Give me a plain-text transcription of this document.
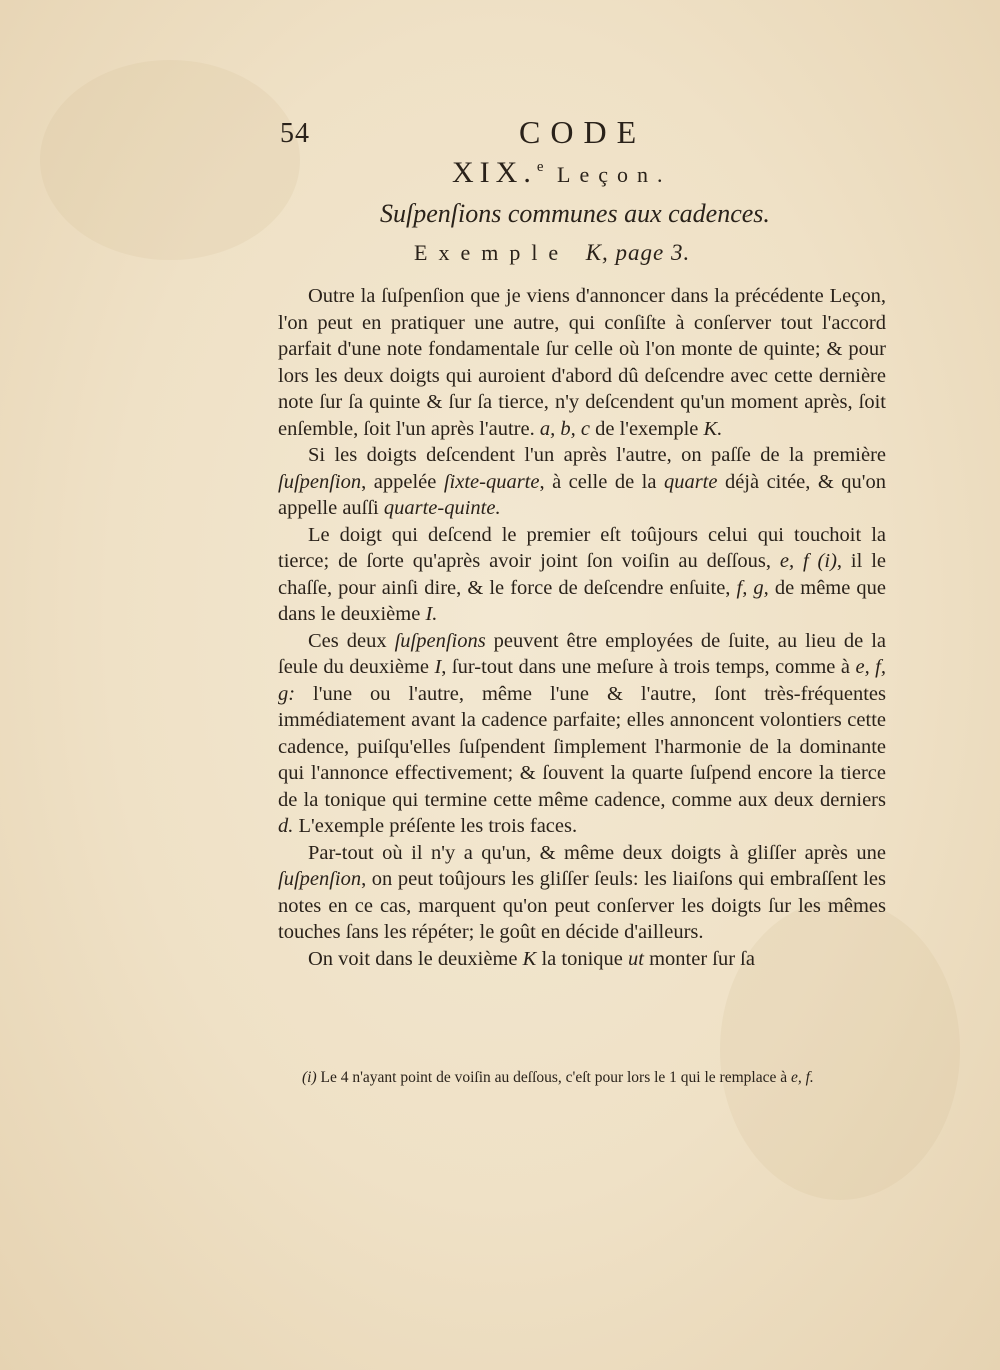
54	CODE
XIX.$^e$ Leçon.
Suſpenſions communes aux cadences.
Exemple K, page 3.

Outre la ſuſpenſion que je viens d'annoncer dans la précédente Leçon, l'on peut en pratiquer une autre, qui conſiſte à conſerver tout l'accord parfait d'une note fondamentale ſur celle où l'on monte de quinte; & pour lors les deux doigts qui auroient d'abord dû deſcendre avec cette dernière note ſur ſa quinte & ſur ſa tierce, n'y deſcendent qu'un moment après, ſoit enſemble, ſoit l'un après l'autre. a, b, c de l'exemple K.

Si les doigts deſcendent l'un après l'autre, on paſſe de la première ſuſpenſion, appelée ſixte-quarte, à celle de la quarte déjà citée, & qu'on appelle auſſi quarte-quinte.

Le doigt qui deſcend le premier eſt toûjours celui qui touchoit la tierce; de ſorte qu'après avoir joint ſon voiſin au deſſous, e, f (i), il le chaſſe, pour ainſi dire, & le force de deſcendre enſuite, f, g, de même que dans le deuxième I.

Ces deux ſuſpenſions peuvent être employées de ſuite, au lieu de la ſeule du deuxième I, ſur-tout dans une meſure à trois temps, comme à e, f, g: l'une ou l'autre, même l'une & l'autre, ſont très-fréquentes immédiatement avant la cadence parfaite; elles annoncent volontiers cette cadence, puiſqu'elles ſuſpendent ſimplement l'harmonie de la dominante qui l'annonce effectivement; & ſouvent la quarte ſuſpend encore la tierce de la tonique qui termine cette même cadence, comme aux deux derniers d. L'exemple préſente les trois faces.

Par-tout où il n'y a qu'un, & même deux doigts à gliſſer après une ſuſpenſion, on peut toûjours les gliſſer ſeuls: les liaiſons qui embraſſent les notes en ce cas, marquent qu'on peut conſerver les doigts ſur les mêmes touches ſans les répéter; le goût en décide d'ailleurs.

On voit dans le deuxième K la tonique ut monter ſur ſa

(i) Le 4 n'ayant point de voiſin au deſſous, c'eſt pour lors le 1 qui le remplace à e, f.
